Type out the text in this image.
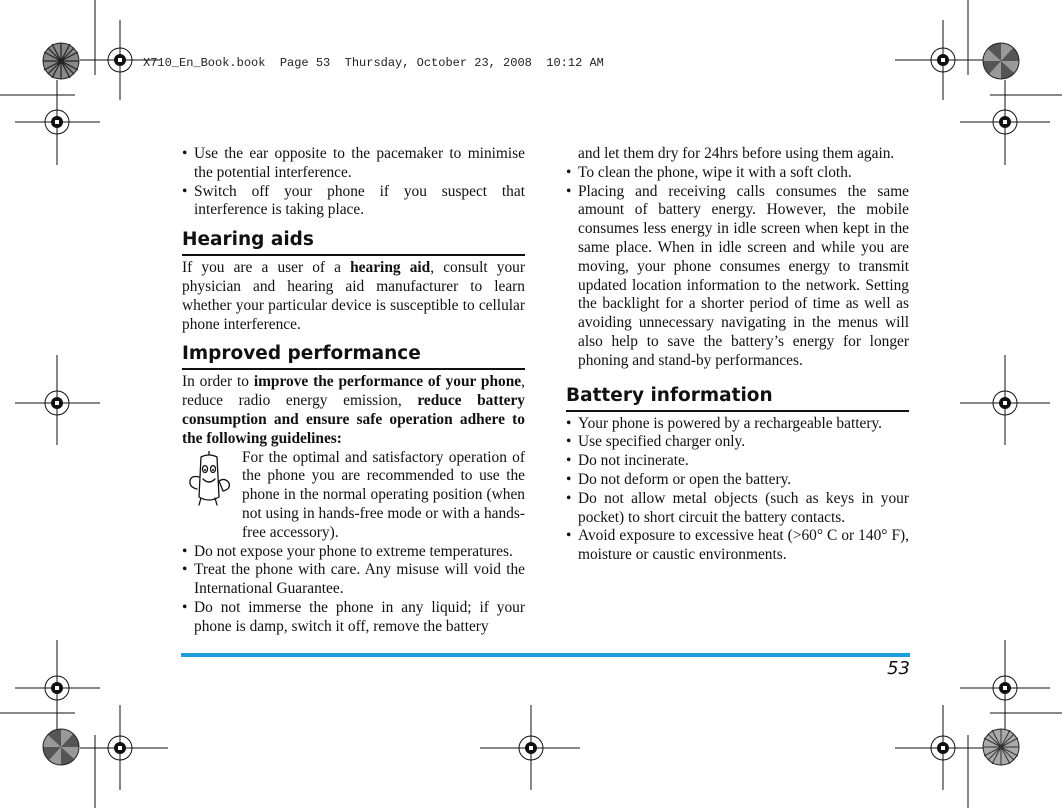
X710_En_Book.book  Page 53  Thursday, October 23, 2008  10:12 AM
• Use the ear opposite to the pacemaker to minimise the potential interference.
• Switch off your phone if you suspect that interference is taking place.
Hearing aids

If you are a user of a hearing aid, consult your physician and hearing aid manufacturer to learn whether your particular device is susceptible to cellular phone interference.

Improved performance

In order to improve the performance of your phone, reduce radio energy emission, reduce battery consumption and ensure safe operation adhere to the following guidelines:

For the optimal and satisfactory operation of the phone you are recommended to use the phone in the normal operating position (when not using in hands-free mode or with a hands-free accessory).

• Do not expose your phone to extreme temperatures.
• Treat the phone with care. Any misuse will void the International Guarantee.
• Do not immerse the phone in any liquid; if your phone is damp, switch it off, remove the battery

and let them dry for 24hrs before using them again.

• To clean the phone, wipe it with a soft cloth.
• Placing and receiving calls consumes the same amount of battery energy. However, the mobile consumes less energy in idle screen when kept in the same place. When in idle screen and while you are moving, your phone consumes energy to transmit updated location information to the network. Setting the backlight for a shorter period of time as well as avoiding unnecessary navigating in the menus will also help to save the battery’s energy for longer phoning and stand-by performances.
Battery information
• Your phone is powered by a rechargeable battery.
• Use specified charger only.
• Do not incinerate.
• Do not deform or open the battery.
• Do not allow metal objects (such as keys in your pocket) to short circuit the battery contacts.
• Avoid exposure to excessive heat (>60° C or 140° F), moisture or caustic environments.
53
